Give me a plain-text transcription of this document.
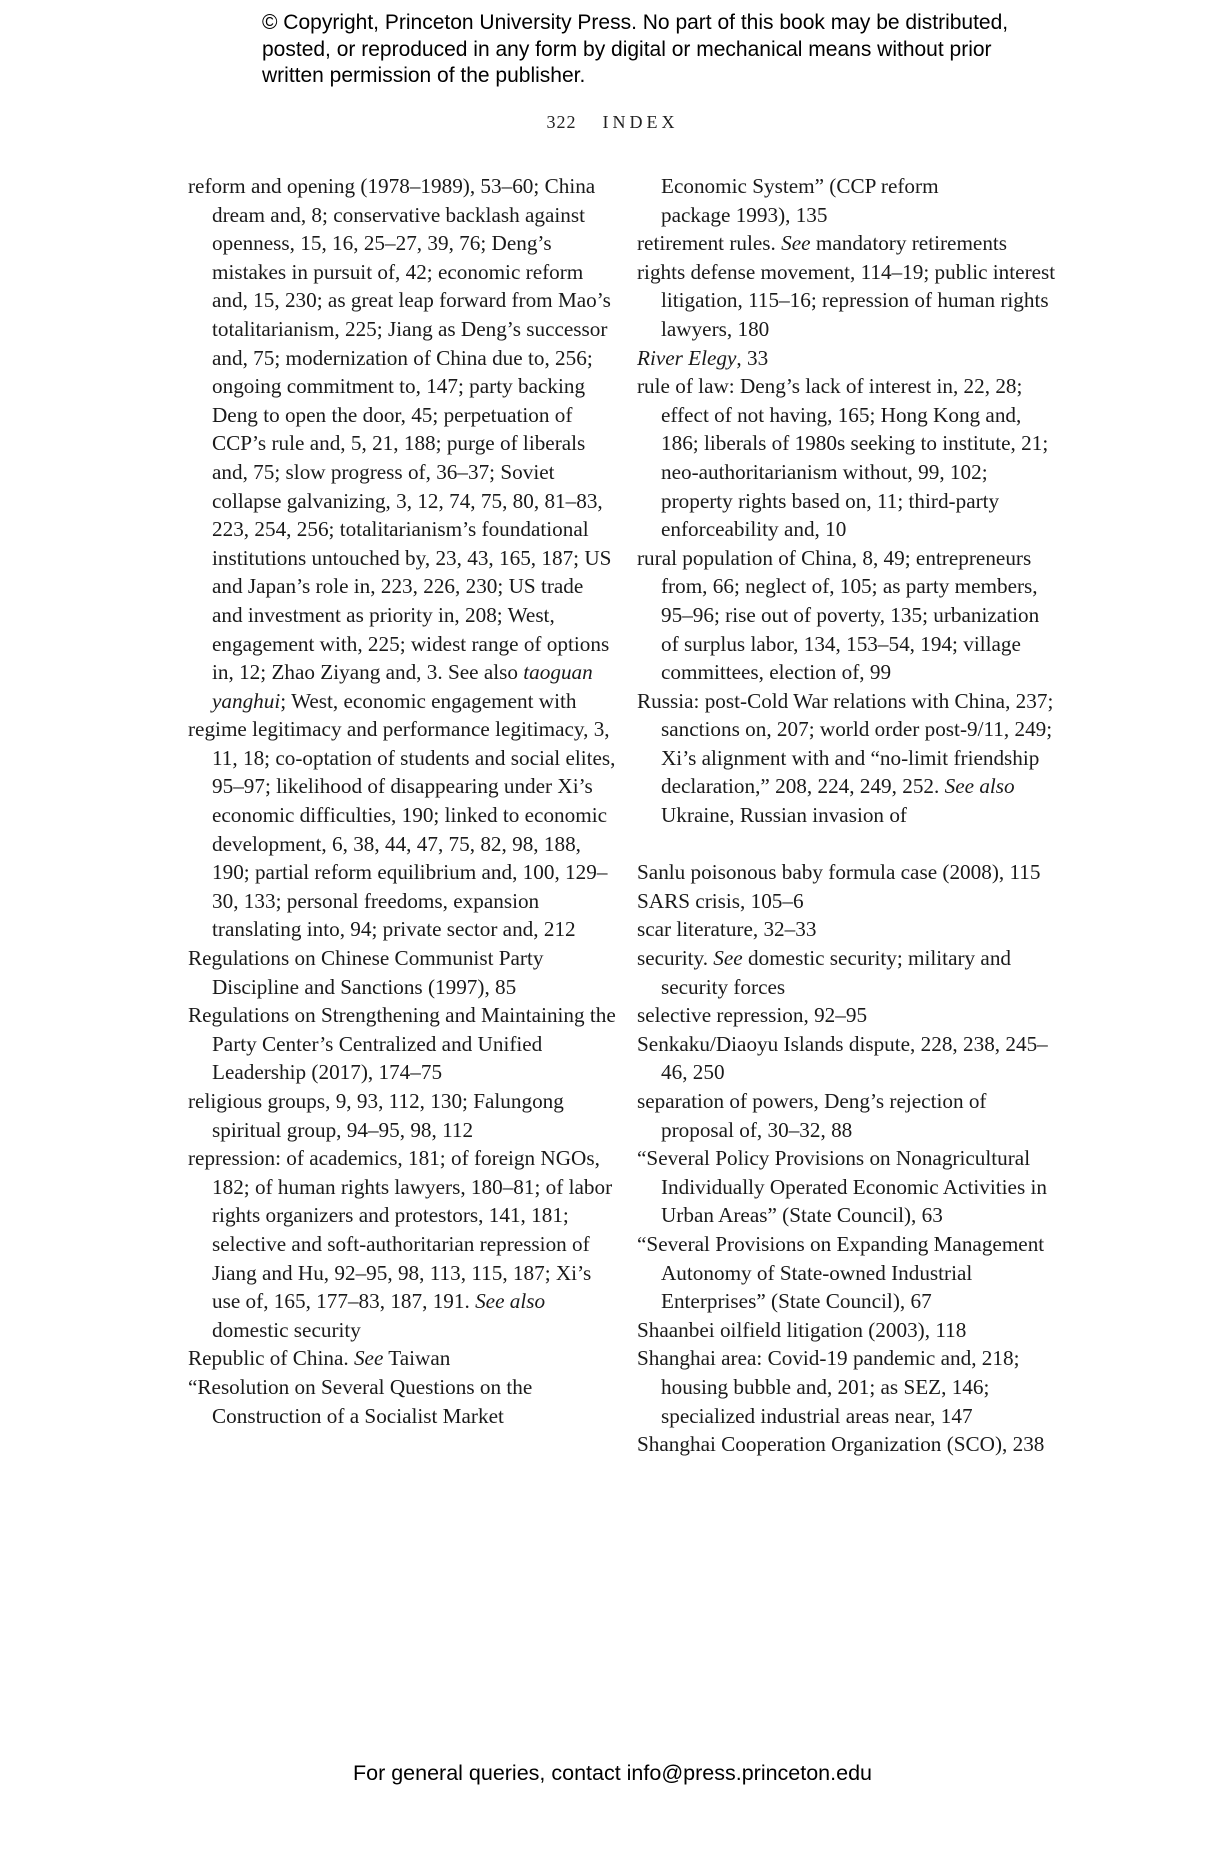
© Copyright, Princeton University Press. No part of this book may be distributed, posted, or reproduced in any form by digital or mechanical means without prior written permission of the publisher.
322 INDEX
reform and opening (1978–1989), 53–60; China dream and, 8; conservative backlash against openness, 15, 16, 25–27, 39, 76; Deng’s mistakes in pursuit of, 42; economic reform and, 15, 230; as great leap forward from Mao’s totalitarianism, 225; Jiang as Deng’s successor and, 75; modernization of China due to, 256; ongoing commitment to, 147; party backing Deng to open the door, 45; perpetuation of CCP’s rule and, 5, 21, 188; purge of liberals and, 75; slow progress of, 36–37; Soviet collapse galvanizing, 3, 12, 74, 75, 80, 81–83, 223, 254, 256; totalitarianism’s foundational institutions untouched by, 23, 43, 165, 187; US and Japan’s role in, 223, 226, 230; US trade and investment as priority in, 208; West, engagement with, 225; widest range of options in, 12; Zhao Ziyang and, 3. See also taoguan yanghui; West, economic engagement with
regime legitimacy and performance legitimacy, 3, 11, 18; co-optation of students and social elites, 95–97; likelihood of disappearing under Xi’s economic difficulties, 190; linked to economic development, 6, 38, 44, 47, 75, 82, 98, 188, 190; partial reform equilibrium and, 100, 129–30, 133; personal freedoms, expansion translating into, 94; private sector and, 212
Regulations on Chinese Communist Party Discipline and Sanctions (1997), 85
Regulations on Strengthening and Maintaining the Party Center’s Centralized and Unified Leadership (2017), 174–75
religious groups, 9, 93, 112, 130; Falungong spiritual group, 94–95, 98, 112
repression: of academics, 181; of foreign NGOs, 182; of human rights lawyers, 180–81; of labor rights organizers and protestors, 141, 181; selective and soft-authoritarian repression of Jiang and Hu, 92–95, 98, 113, 115, 187; Xi’s use of, 165, 177–83, 187, 191. See also domestic security
Republic of China. See Taiwan
“Resolution on Several Questions on the Construction of a Socialist Market
Economic System” (CCP reform
package 1993), 135
retirement rules. See mandatory retirements
rights defense movement, 114–19; public interest litigation, 115–16; repression of human rights lawyers, 180
River Elegy, 33
rule of law: Deng’s lack of interest in, 22, 28; effect of not having, 165; Hong Kong and, 186; liberals of 1980s seeking to institute, 21; neo-authoritarianism without, 99, 102; property rights based on, 11; third-party enforceability and, 10
rural population of China, 8, 49; entrepreneurs from, 66; neglect of, 105; as party members, 95–96; rise out of poverty, 135; urbanization of surplus labor, 134, 153–54, 194; village committees, election of, 99
Russia: post-Cold War relations with China, 237; sanctions on, 207; world order post-9/11, 249; Xi’s alignment with and “no-limit friendship declaration,” 208, 224, 249, 252. See also Ukraine, Russian invasion of
Sanlu poisonous baby formula case (2008), 115
SARS crisis, 105–6
scar literature, 32–33
security. See domestic security; military and security forces
selective repression, 92–95
Senkaku/Diaoyu Islands dispute, 228, 238, 245–46, 250
separation of powers, Deng’s rejection of proposal of, 30–32, 88
“Several Policy Provisions on Nonagricultural Individually Operated Economic Activities in Urban Areas” (State Council), 63
“Several Provisions on Expanding Management Autonomy of State-owned Industrial Enterprises” (State Council), 67
Shaanbei oilfield litigation (2003), 118
Shanghai area: Covid-19 pandemic and, 218; housing bubble and, 201; as SEZ, 146; specialized industrial areas near, 147
Shanghai Cooperation Organization (SCO), 238
For general queries, contact info@press.princeton.edu
